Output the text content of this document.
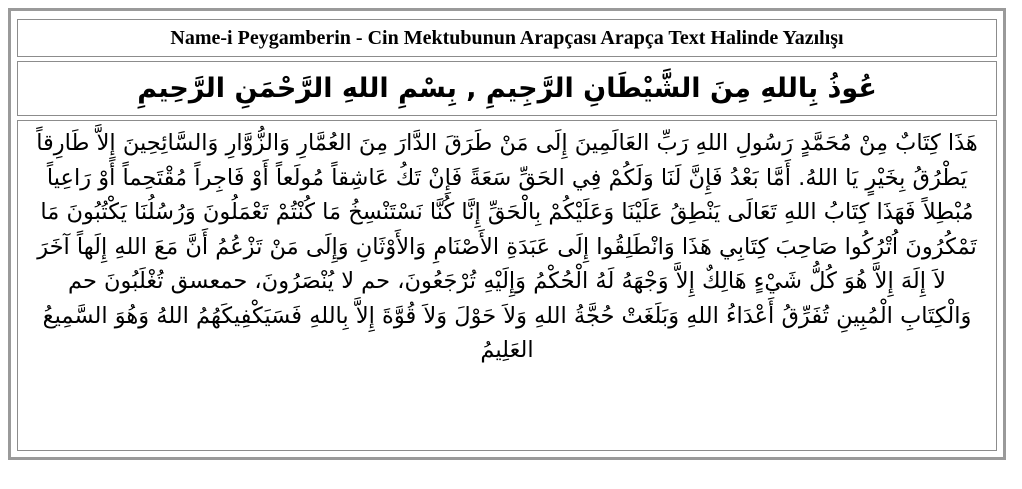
Name-i Peygamberin - Cin Mektubunun Arapçası Arapça Text Halinde Yazılışı

عُوذُ بِاللهِ مِنَ الشَّيْطَانِ الرَّجِيمِ , بِسْمِ اللهِ الرَّحْمَنِ الرَّحِيمِ

هَذَا كِتَابٌ مِنْ مُحَمَّدٍ رَسُولِ اللهِ رَبِّ العَالَمِينَ إِلَى مَنْ طَرَقَ الدَّارَ مِنَ العُمَّارِ وَالزُّوَّارِ وَالسَّائِحِينَ إِلاَّ طَارِقاً يَطْرُقُ بِخَيْرٍ يَا اللهُ. أَمَّا بَعْدُ فَإِنَّ لَنَا وَلَكُمْ فِي الحَقِّ سَعَةً فَإِنْ تَكُ عَاشِقاً مُولَعاً أَوْ فَاجِراً مُقْتَحِماً أَوْ رَاعِياً مُبْطِلاً فَهَذَا كِتَابُ اللهِ تَعَالَى يَنْطِقُ عَلَيْنَا وَعَلَيْكُمْ بِالْحَقِّ إِنَّا كُنَّا نَسْتَنْسِخُ مَا كُنْتُمْ تَعْمَلُونَ وَرُسُلُنَا يَكْتُبُونَ مَا تَمْكُرُونَ اُتْرُكُوا صَاحِبَ كِتَابِي هَذَا وَانْطَلِقُوا إِلَى عَبَدَةِ الأَصْنَامِ وَالأَوْثَانِ وَإِلَى مَنْ تَزْعُمُ أَنَّ مَعَ اللهِ إِلَهاً آخَرَ لاَ إِلَهَ إِلاَّ هُوَ كُلُّ شَيْءٍ هَالِكٌ إِلاَّ وَجْهَهُ لَهُ الْحُكْمُ وَإِلَيْهِ تُرْجَعُونَ، حم لا يُنْصَرُونَ، حمعسق تُغْلَبُونَ حم وَالْكِتَابِ الْمُبِينِ تُفَرِّقُ أَعْدَاءُ اللهِ وَبَلَغَتْ حُجَّةُ اللهِ وَلاَ حَوْلَ وَلاَ قُوَّةَ إِلاَّ بِاللهِ فَسَيَكْفِيكَهُمُ اللهُ وَهُوَ السَّمِيعُ العَلِيمُ
